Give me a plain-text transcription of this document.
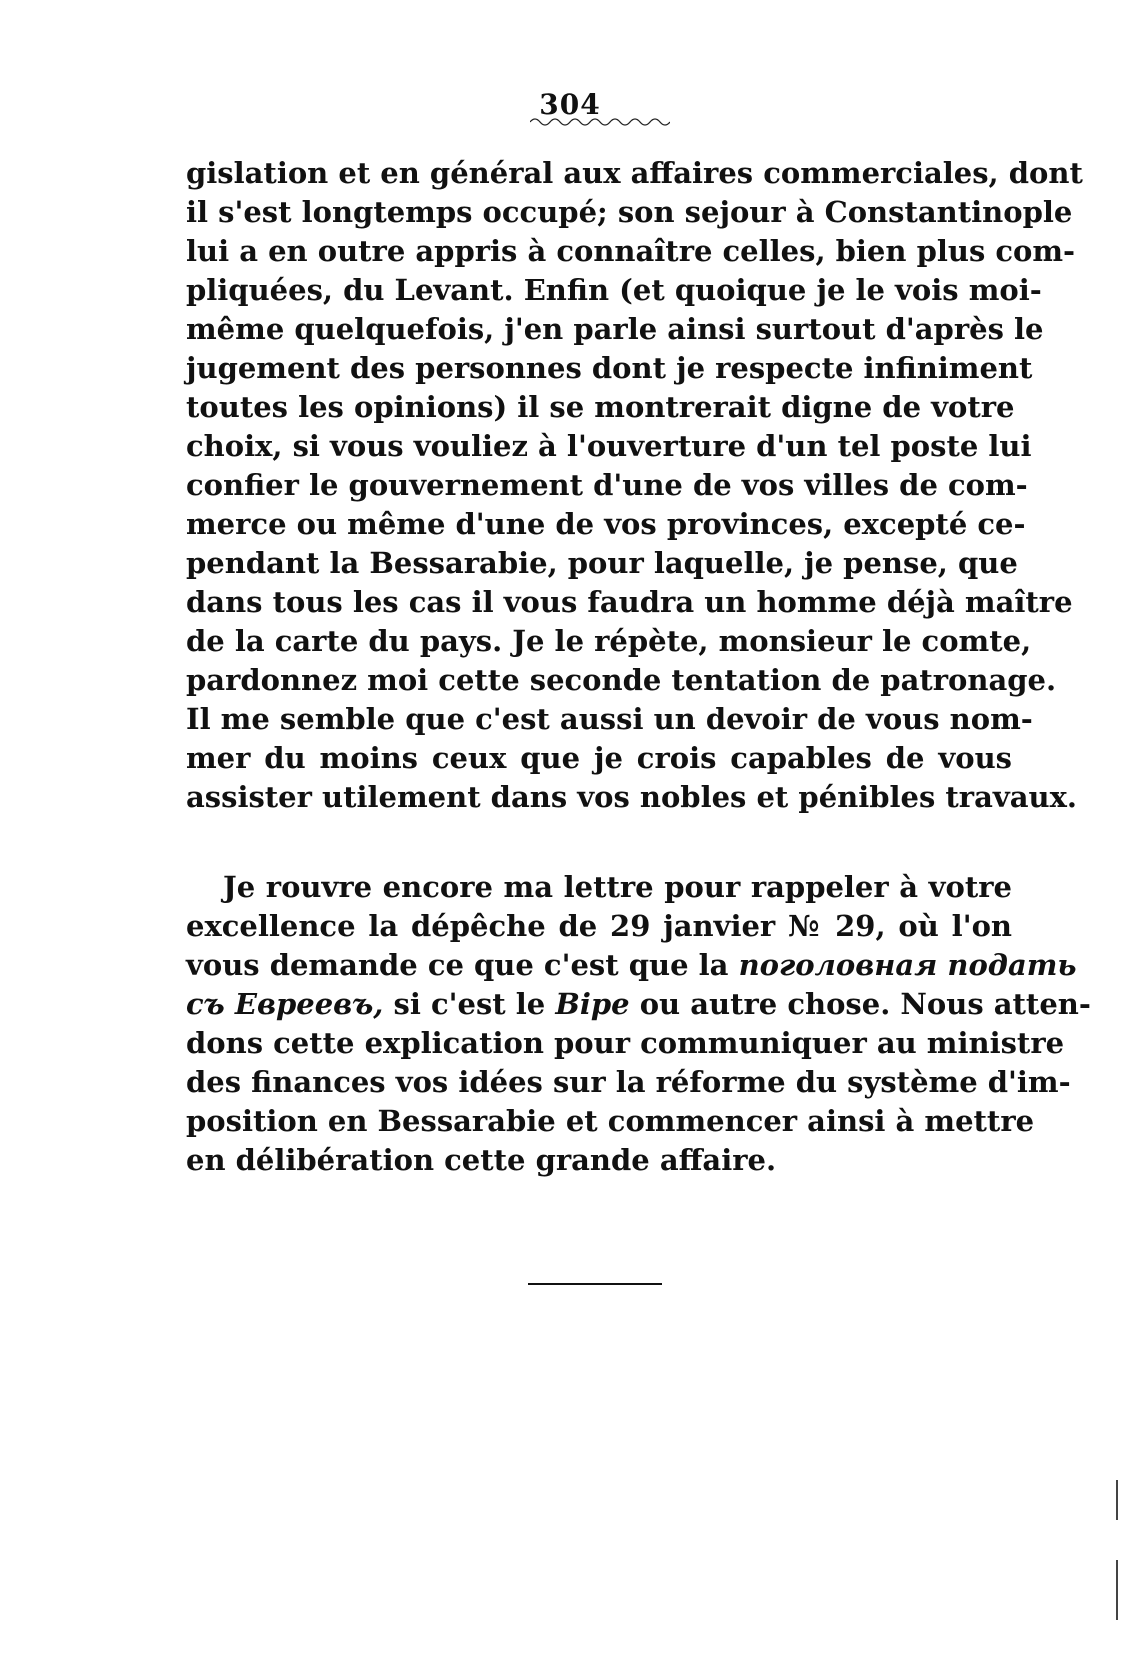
304
gislation et en général aux affaires commerciales, dont
il s'est longtemps occupé; son sejour à Constantinople
lui a en outre appris à connaître celles, bien plus com-
pliquées, du Levant. Enfin (et quoique je le vois moi-
même quelquefois, j'en parle ainsi surtout d'après le
jugement des personnes dont je respecte infiniment
toutes les opinions) il se montrerait digne de votre
choix, si vous vouliez à l'ouverture d'un tel poste lui
confier le gouvernement d'une de vos villes de com-
merce ou même d'une de vos provinces, excepté ce-
pendant la Bessarabie, pour laquelle, je pense, que
dans tous les cas il vous faudra un homme déjà maître
de la carte du pays. Je le répète, monsieur le comte,
pardonnez moi cette seconde tentation de patronage.
Il me semble que c'est aussi un devoir de vous nom-
mer du moins ceux que je crois capables de vous
assister utilement dans vos nobles et pénibles travaux.
Je rouvre encore ma lettre pour rappeler à votre
excellence la dépêche de 29 janvier № 29, où l'on
vous demande ce que c'est que la поголовная подать
съ Евреевъ, si c'est le Віре ou autre chose. Nous atten-
dons cette explication pour communiquer au ministre
des finances vos idées sur la réforme du système d'im-
position en Bessarabie et commencer ainsi à mettre
en délibération cette grande affaire.
